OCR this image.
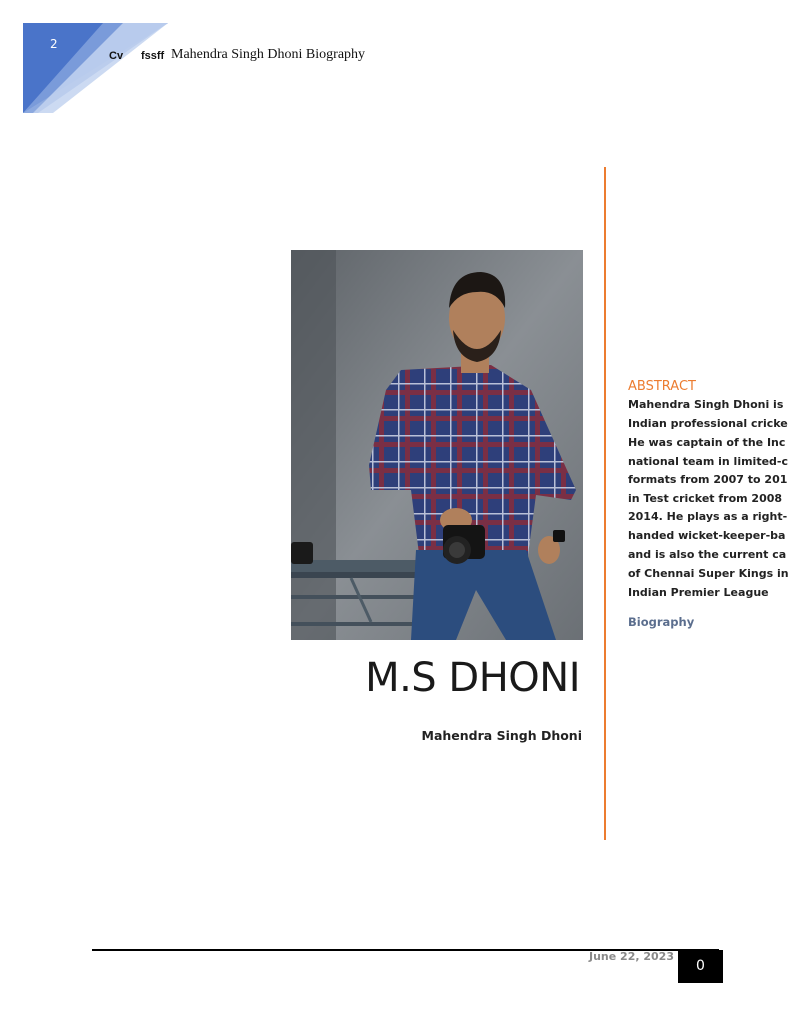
2
Cv fssff Mahendra Singh Dhoni Biography
M.S DHONI
Mahendra Singh Dhoni
ABSTRACT
Mahendra Singh Dhoni is
Indian professional cricke
He was captain of the Inc
national team in limited-c
formats from 2007 to 201
in Test cricket from 2008
2014. He plays as a right-
handed wicket-keeper-ba
and is also the current ca
of Chennai Super Kings in
Indian Premier League
Biography
June 22, 2023
0
